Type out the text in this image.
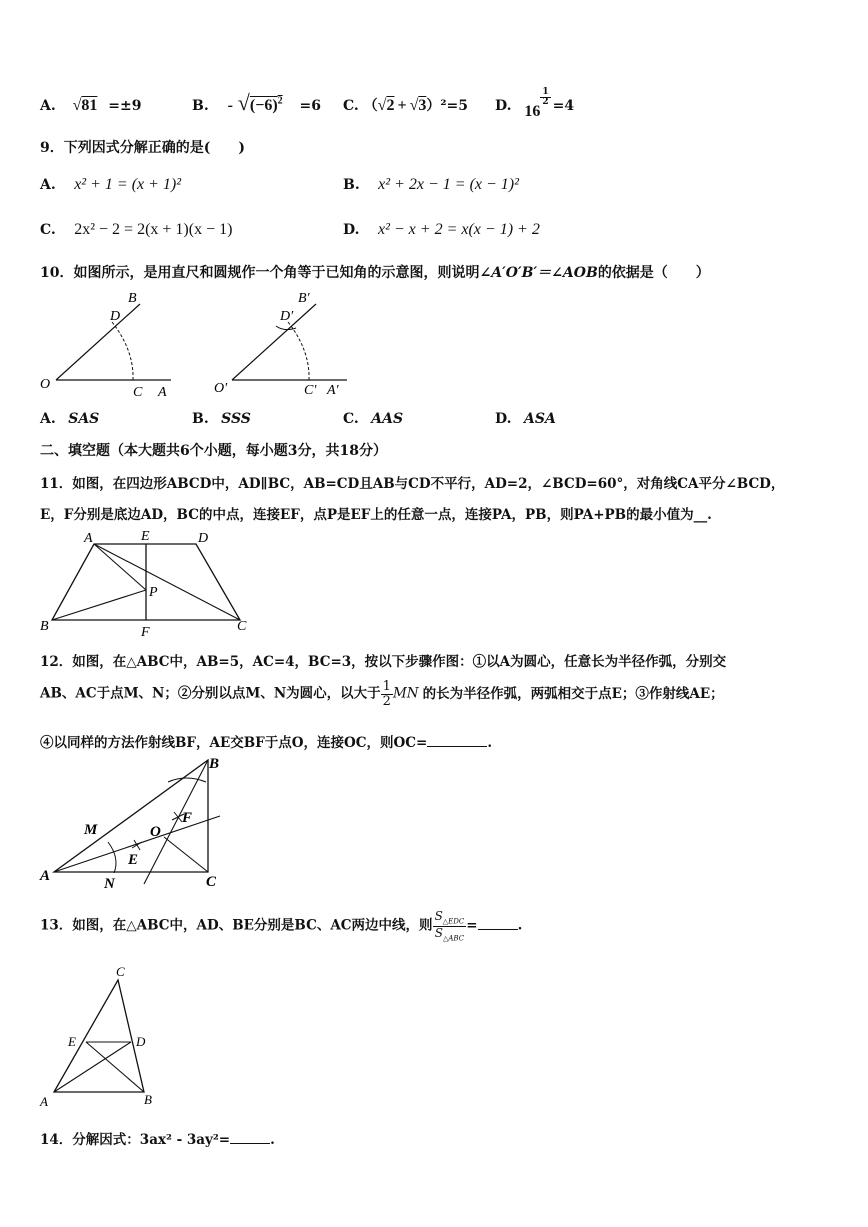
A. √81 =±9	B. - $√(-6)^2 =6$ C. （√2 + √3）²=5 D. 16
$\frac{1}{2} =4$
9．下列因式分解正确的是(　　)
A. x² + 1 = (x + 1)²	B. x² + 2x − 1 = (x − 1)²
C. 2x² − 2 = 2(x + 1)(x − 1)	D. x² − x + 2 = x(x − 1) + 2
10．如图所示，是用直尺和圆规作一个角等于已知角的示意图，则说明∠A′O′B′＝∠AOB的依据是（　　）
B
D
O
C A
B′
D′
O′	C′ A′
A. SAS	B. SSS	C. AAS	D. ASA
二、填空题（本大题共6个小题，每小题3分，共18分）
11．如图，在四边形ABCD中，AD∥BC，AB=CD且AB与CD不平行，AD=2，∠BCD=60°，对角线CA平分∠BCD，
E，F分别是底边AD，BC的中点，连接EF，点P是EF上的任意一点，连接PA，PB，则PA+PB的最小值为__.
A	E	D
P
B	F	C
12．如图，在△ABC中，AB=5，AC=4，BC=3，按以下步骤作图：①以A为圆心，任意长为半径作弧，分别交
AB、AC于点M、N；②分别以点M、N为圆心，以大于 $\frac{1}{2}$ MN 的长为半径作弧，两弧相交于点E；③作射线AE；
④以同样的方法作射线BF，AE交BF于点O，连接OC，则OC=	.
B
M	O
F
E
A	N	C
13．如图，在△ABC中，AD、BE分别是BC、AC两边中线，则 $\frac{S_{\triangle EDC}}{S_{\triangle ABC}}$ =	.
C
E	D
A	B
14．分解因式：3ax² - 3ay²=	.
